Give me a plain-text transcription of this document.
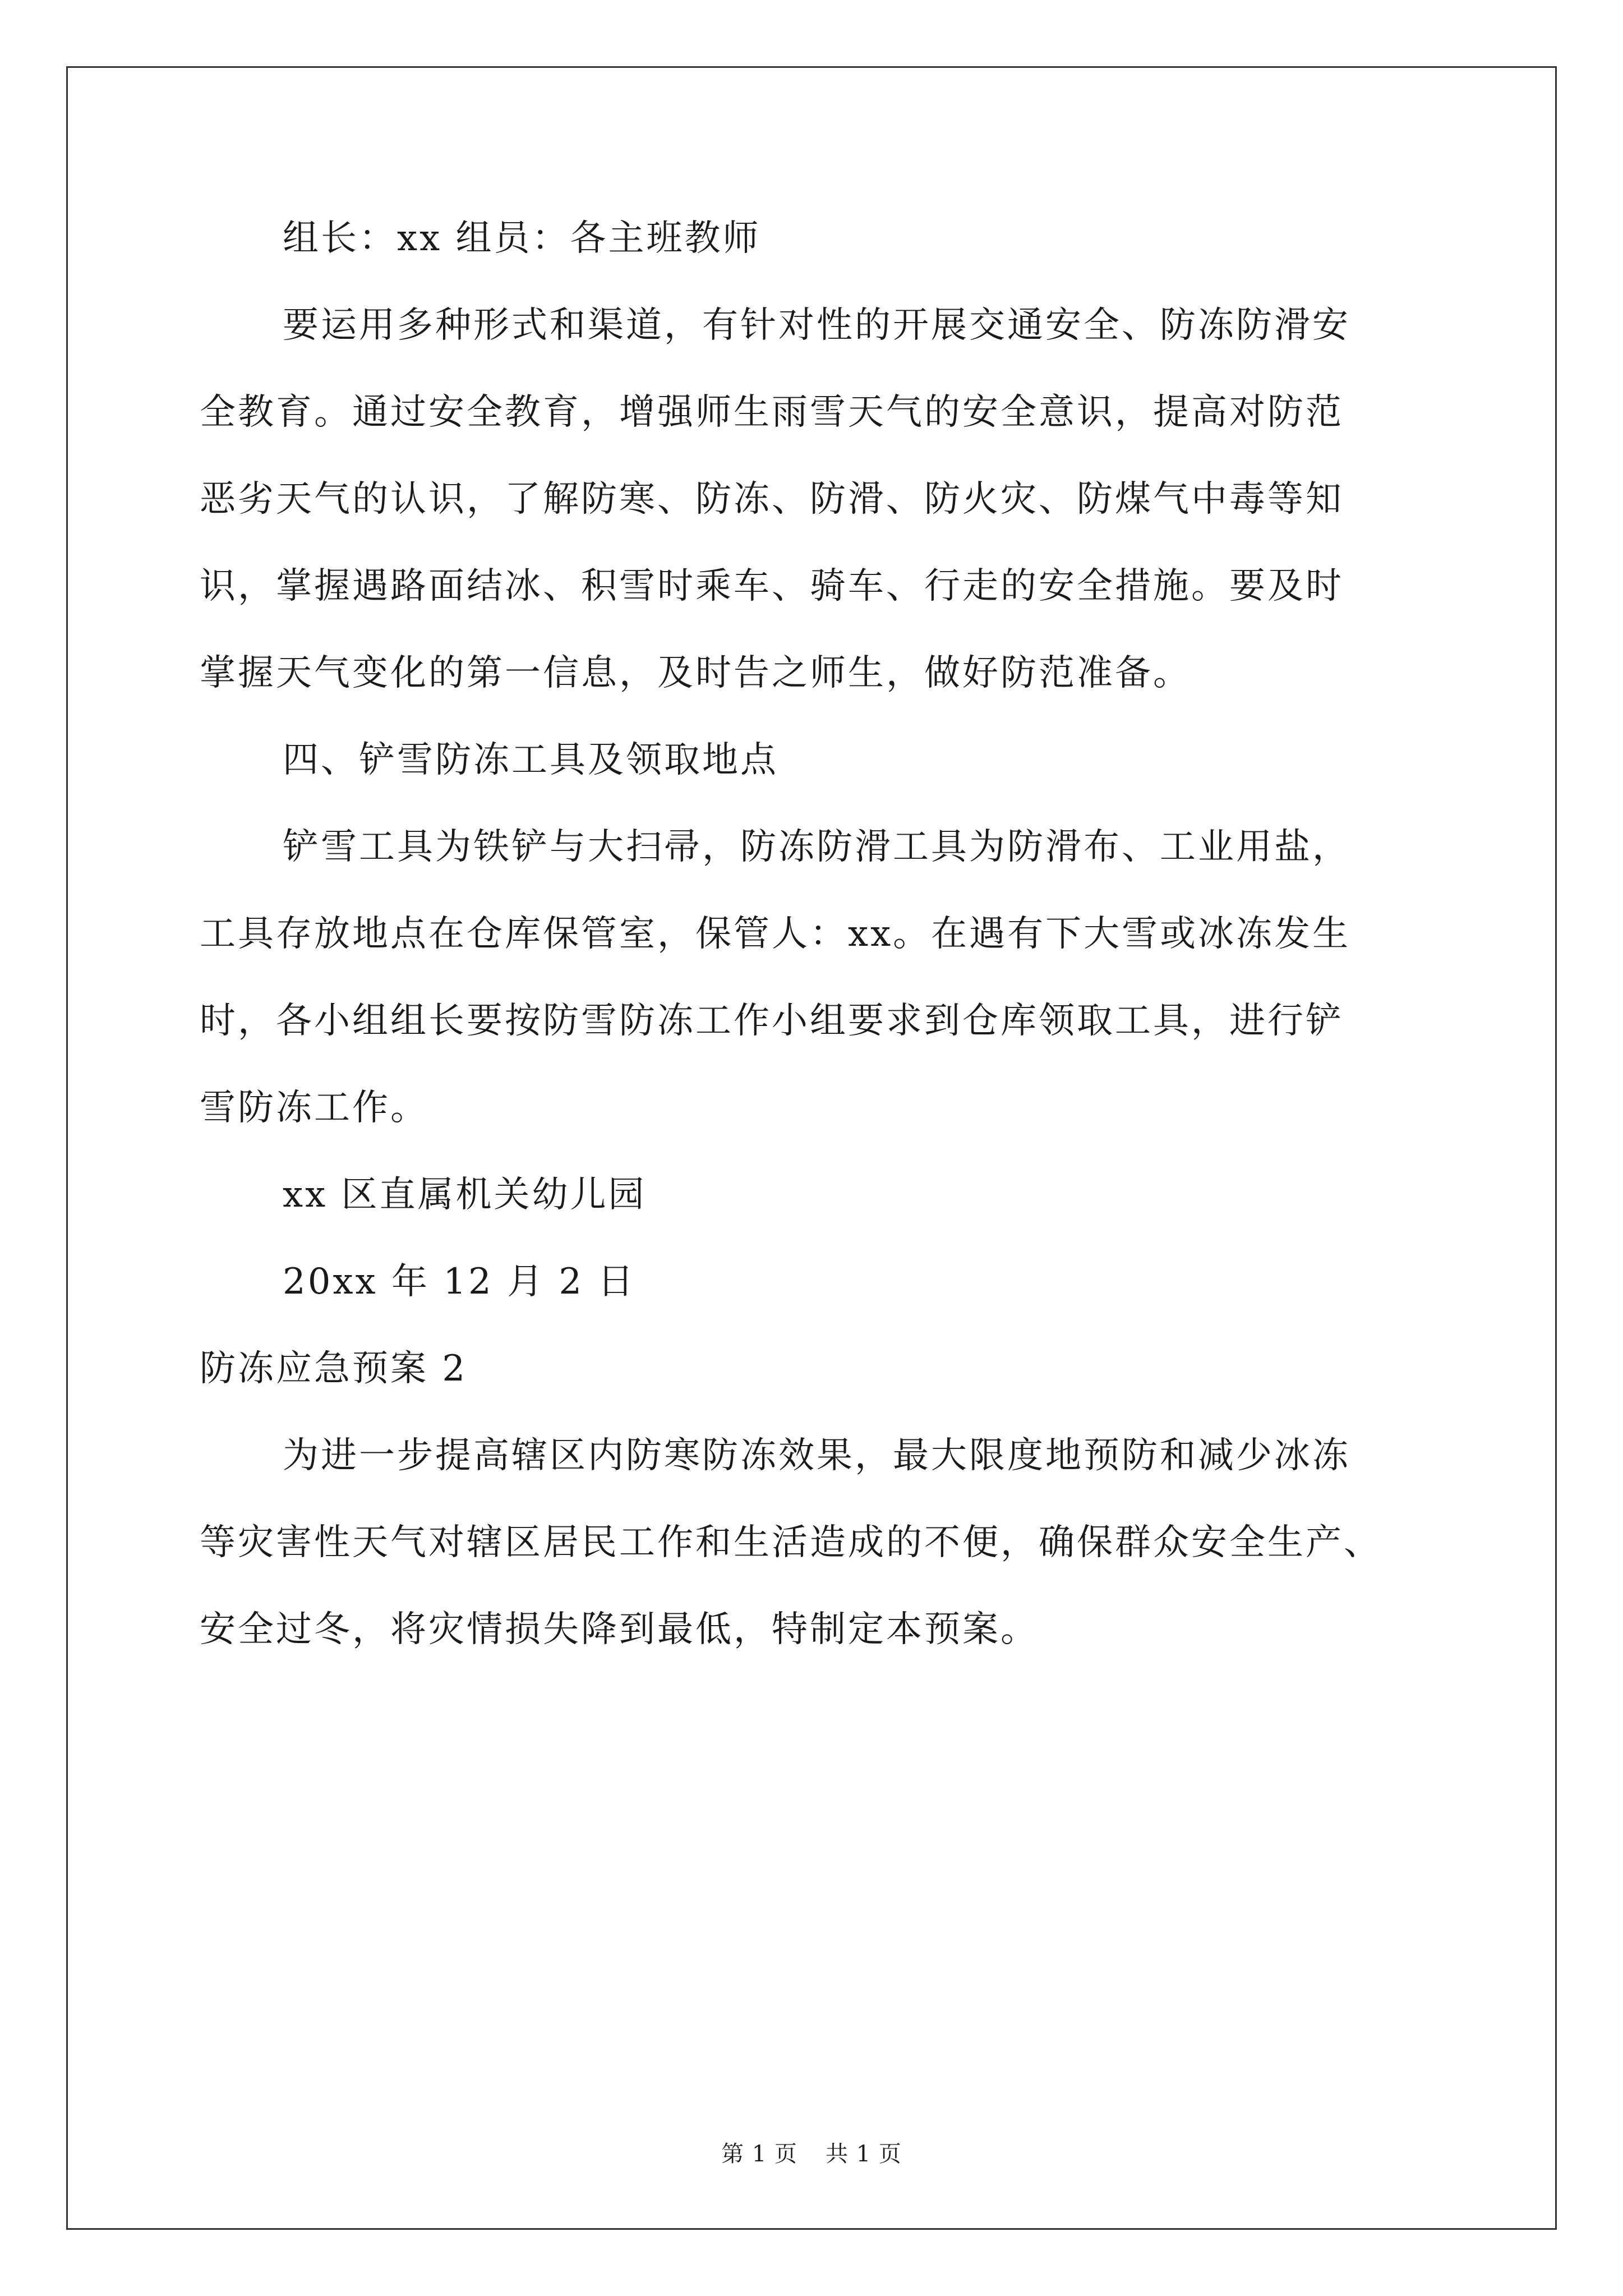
组长：xx 组员：各主班教师

要运用多种形式和渠道，有针对性的开展交通安全、防冻防滑安

全教育。通过安全教育，增强师生雨雪天气的安全意识，提高对防范

恶劣天气的认识，了解防寒、防冻、防滑、防火灾、防煤气中毒等知

识，掌握遇路面结冰、积雪时乘车、骑车、行走的安全措施。要及时

掌握天气变化的第一信息，及时告之师生，做好防范准备。

四、铲雪防冻工具及领取地点

铲雪工具为铁铲与大扫帚，防冻防滑工具为防滑布、工业用盐，

工具存放地点在仓库保管室，保管人：xx。在遇有下大雪或冰冻发生

时，各小组组长要按防雪防冻工作小组要求到仓库领取工具，进行铲

雪防冻工作。

xx 区直属机关幼儿园

20xx 年 12 月 2 日

防冻应急预案 2

为进一步提高辖区内防寒防冻效果，最大限度地预防和减少冰冻

等灾害性天气对辖区居民工作和生活造成的不便，确保群众安全生产、

安全过冬，将灾情损失降到最低，特制定本预案。

第 1 页 共 1 页
